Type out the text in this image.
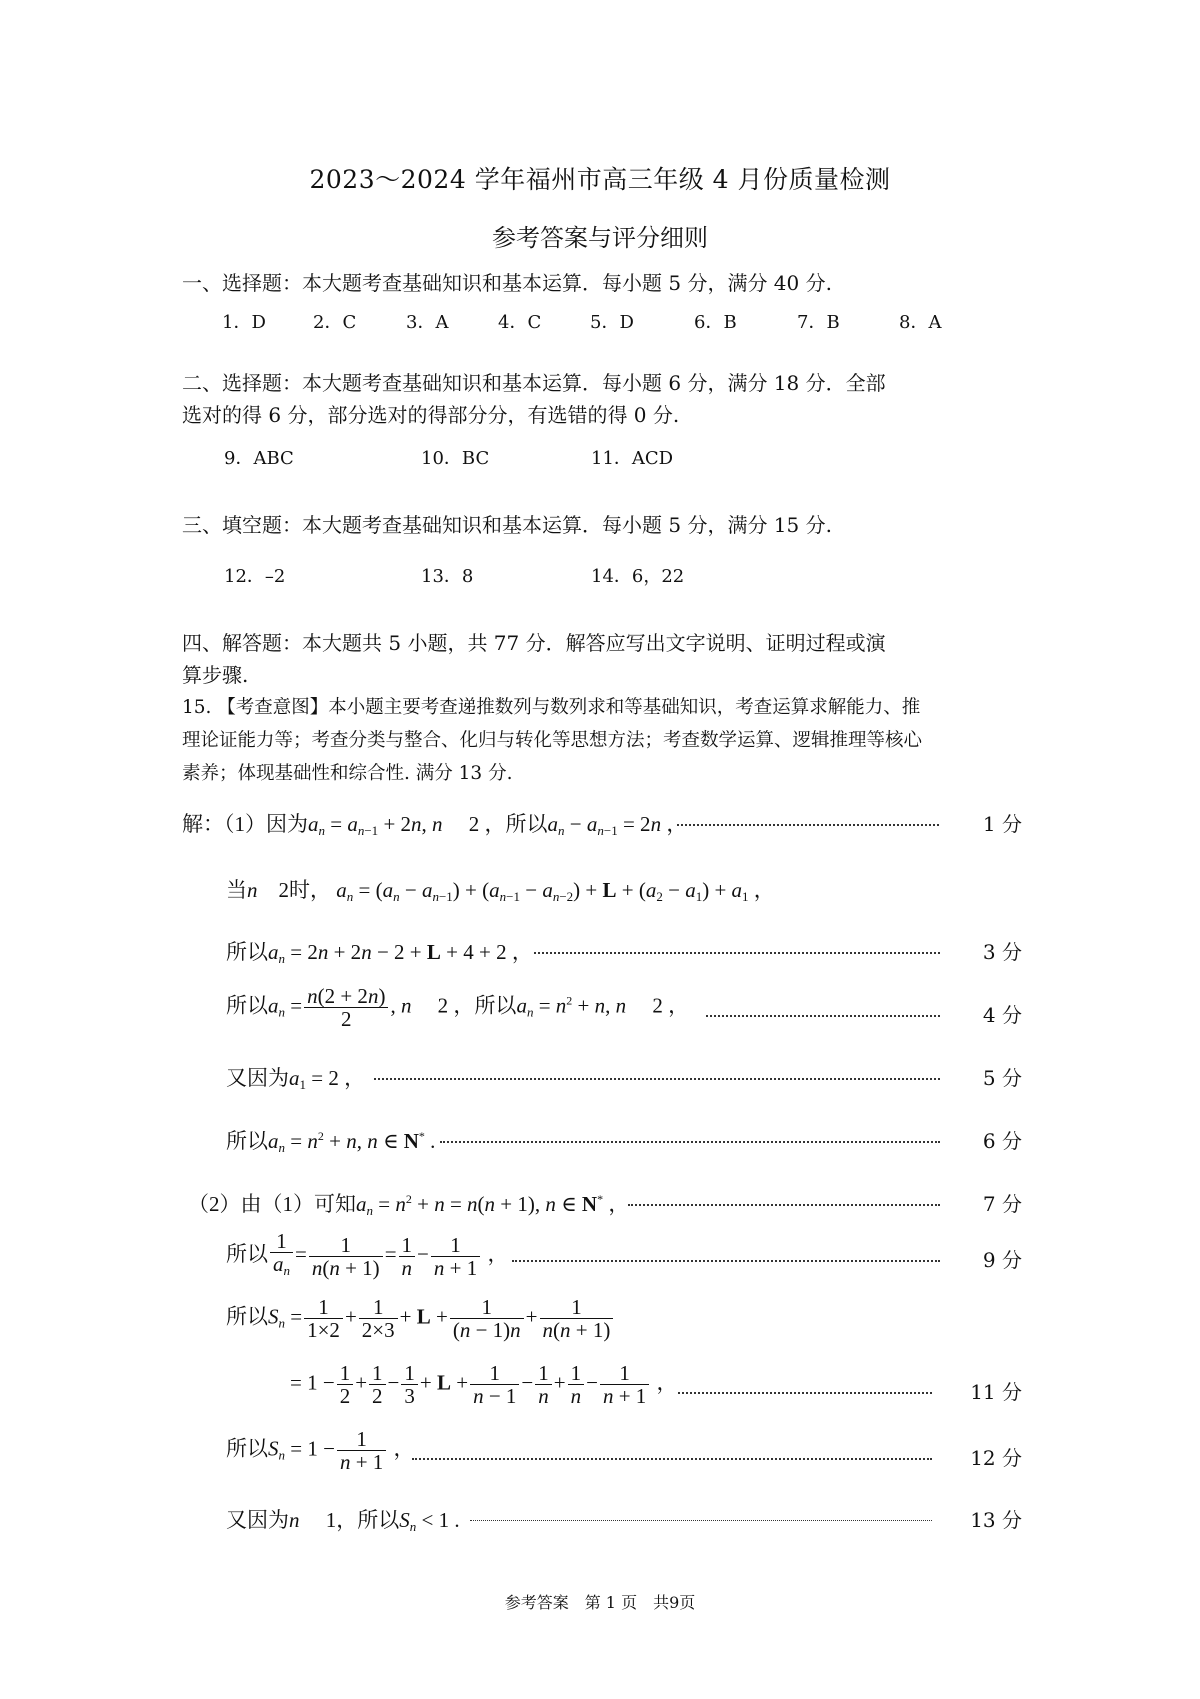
2023～2024 学年福州市高三年级 4 月份质量检测
参考答案与评分细则
一、选择题：本大题考查基础知识和基本运算．每小题 5 分，满分 40 分.
1．D	2．C	3．A	4．C	5．D	6．B	7．B	8．A
二、选择题：本大题考查基础知识和基本运算．每小题 6 分，满分 18 分．全部
选对的得 6 分，部分选对的得部分分，有选错的得 0 分.
9．ABC	10．BC	11．ACD
三、填空题：本大题考查基础知识和基本运算．每小题 5 分，满分 15 分.
12．–2	13．8	14．6，22
四、解答题：本大题共 5 小题，共 77 分．解答应写出文字说明、证明过程或演
算步骤.
15. 【考查意图】本小题主要考查递推数列与数列求和等基础知识，考查运算求解能力、推
理论证能力等；考查分类与整合、化归与转化等思想方法；考查数学运算、逻辑推理等核心
素养；体现基础性和综合性. 满分 13 分.
解：（1）因为$a_n = a_{n-1} + 2n$, n　 2 ，所以$a_n - a_{n-1} = 2n$ ，	1 分
当n　 2时， $a_n = (a_n - a_{n-1}) + (a_{n-1} - a_{n-2}) + L + (a_2 - a_1) + a_1$ ，
所以$a_n = 2n + 2n - 2 + L + 4 + 2$ ，	3 分
所以$a_n = \frac{n(2 + 2n)}{2}$ , n　 2 ，所以$a_n = n^2 + n$, n　 2 ，	4 分
又因为$a_1 = 2$ ，	5 分
所以$a_n = n^2 + n$, n ∈ N* .	6 分
（2）由（1）可知$a_n = n^2 + n = n(n + 1)$, n ∈ N* ，	7 分
所以 $\frac{1}{a_n} = \frac{1}{n(n + 1)} = \frac{1}{n} - \frac{1}{n + 1}$ ，	9 分
所以$S_n = \frac{1}{1\times 2} + \frac{1}{2\times 3} + L + \frac{1}{(n - 1)n} + \frac{1}{n(n + 1)}$
= $1 - \frac{1}{2} + \frac{1}{2} - \frac{1}{3} + L + \frac{1}{n - 1} - \frac{1}{n} + \frac{1}{n} - \frac{1}{n + 1}$ ，	11 分
所以$S_n = 1 - \frac{1}{n + 1}$ ，	12 分
又因为n　 1，所以$S_n < 1$ .	13 分
参考答案　第 1 页　共9页
